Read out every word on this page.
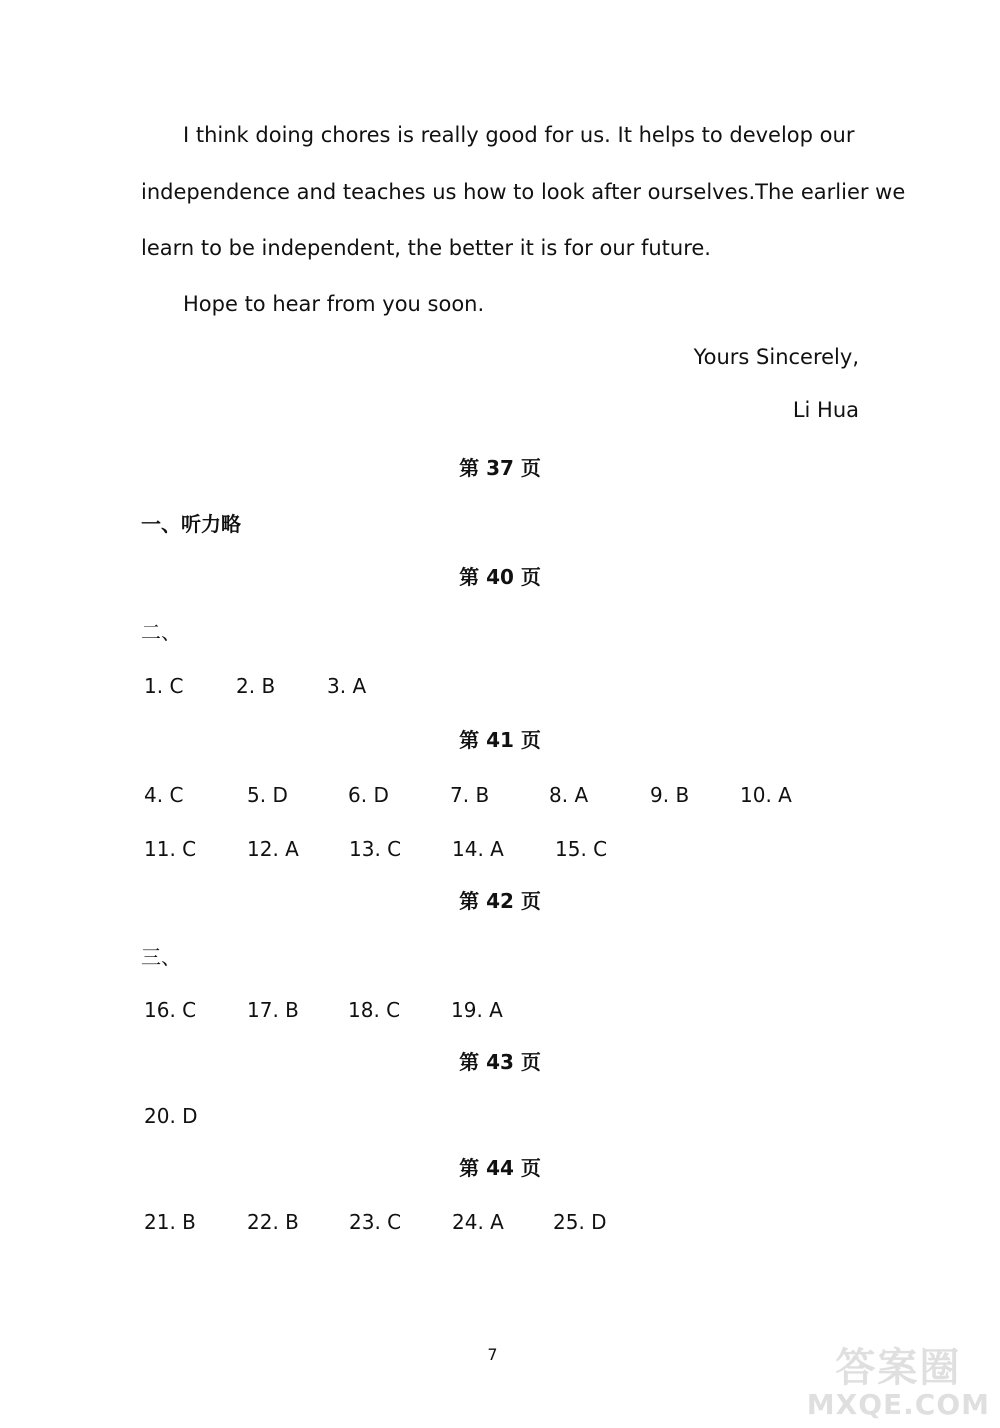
I think doing chores is really good for us. It helps to develop our
independence and teaches us how to look after ourselves.The earlier we
learn to be independent, the better it is for our future.
Hope to hear from you soon.
Yours Sincerely,
Li Hua
第 37 页
一、听力略
第 40 页
二、
1. C	2. B	3. A
第 41 页
4. C	5. D	6. D	7. B	8. A	9. B	10. A
11. C	12. A	13. C	14. A	15. C
第 42 页
三、
16. C	17. B 18. C	19. A
第 43 页
20. D
第 44 页
21. B	22. B	23. C	24. A 25. D
7	答案圈
MXQE.COM
